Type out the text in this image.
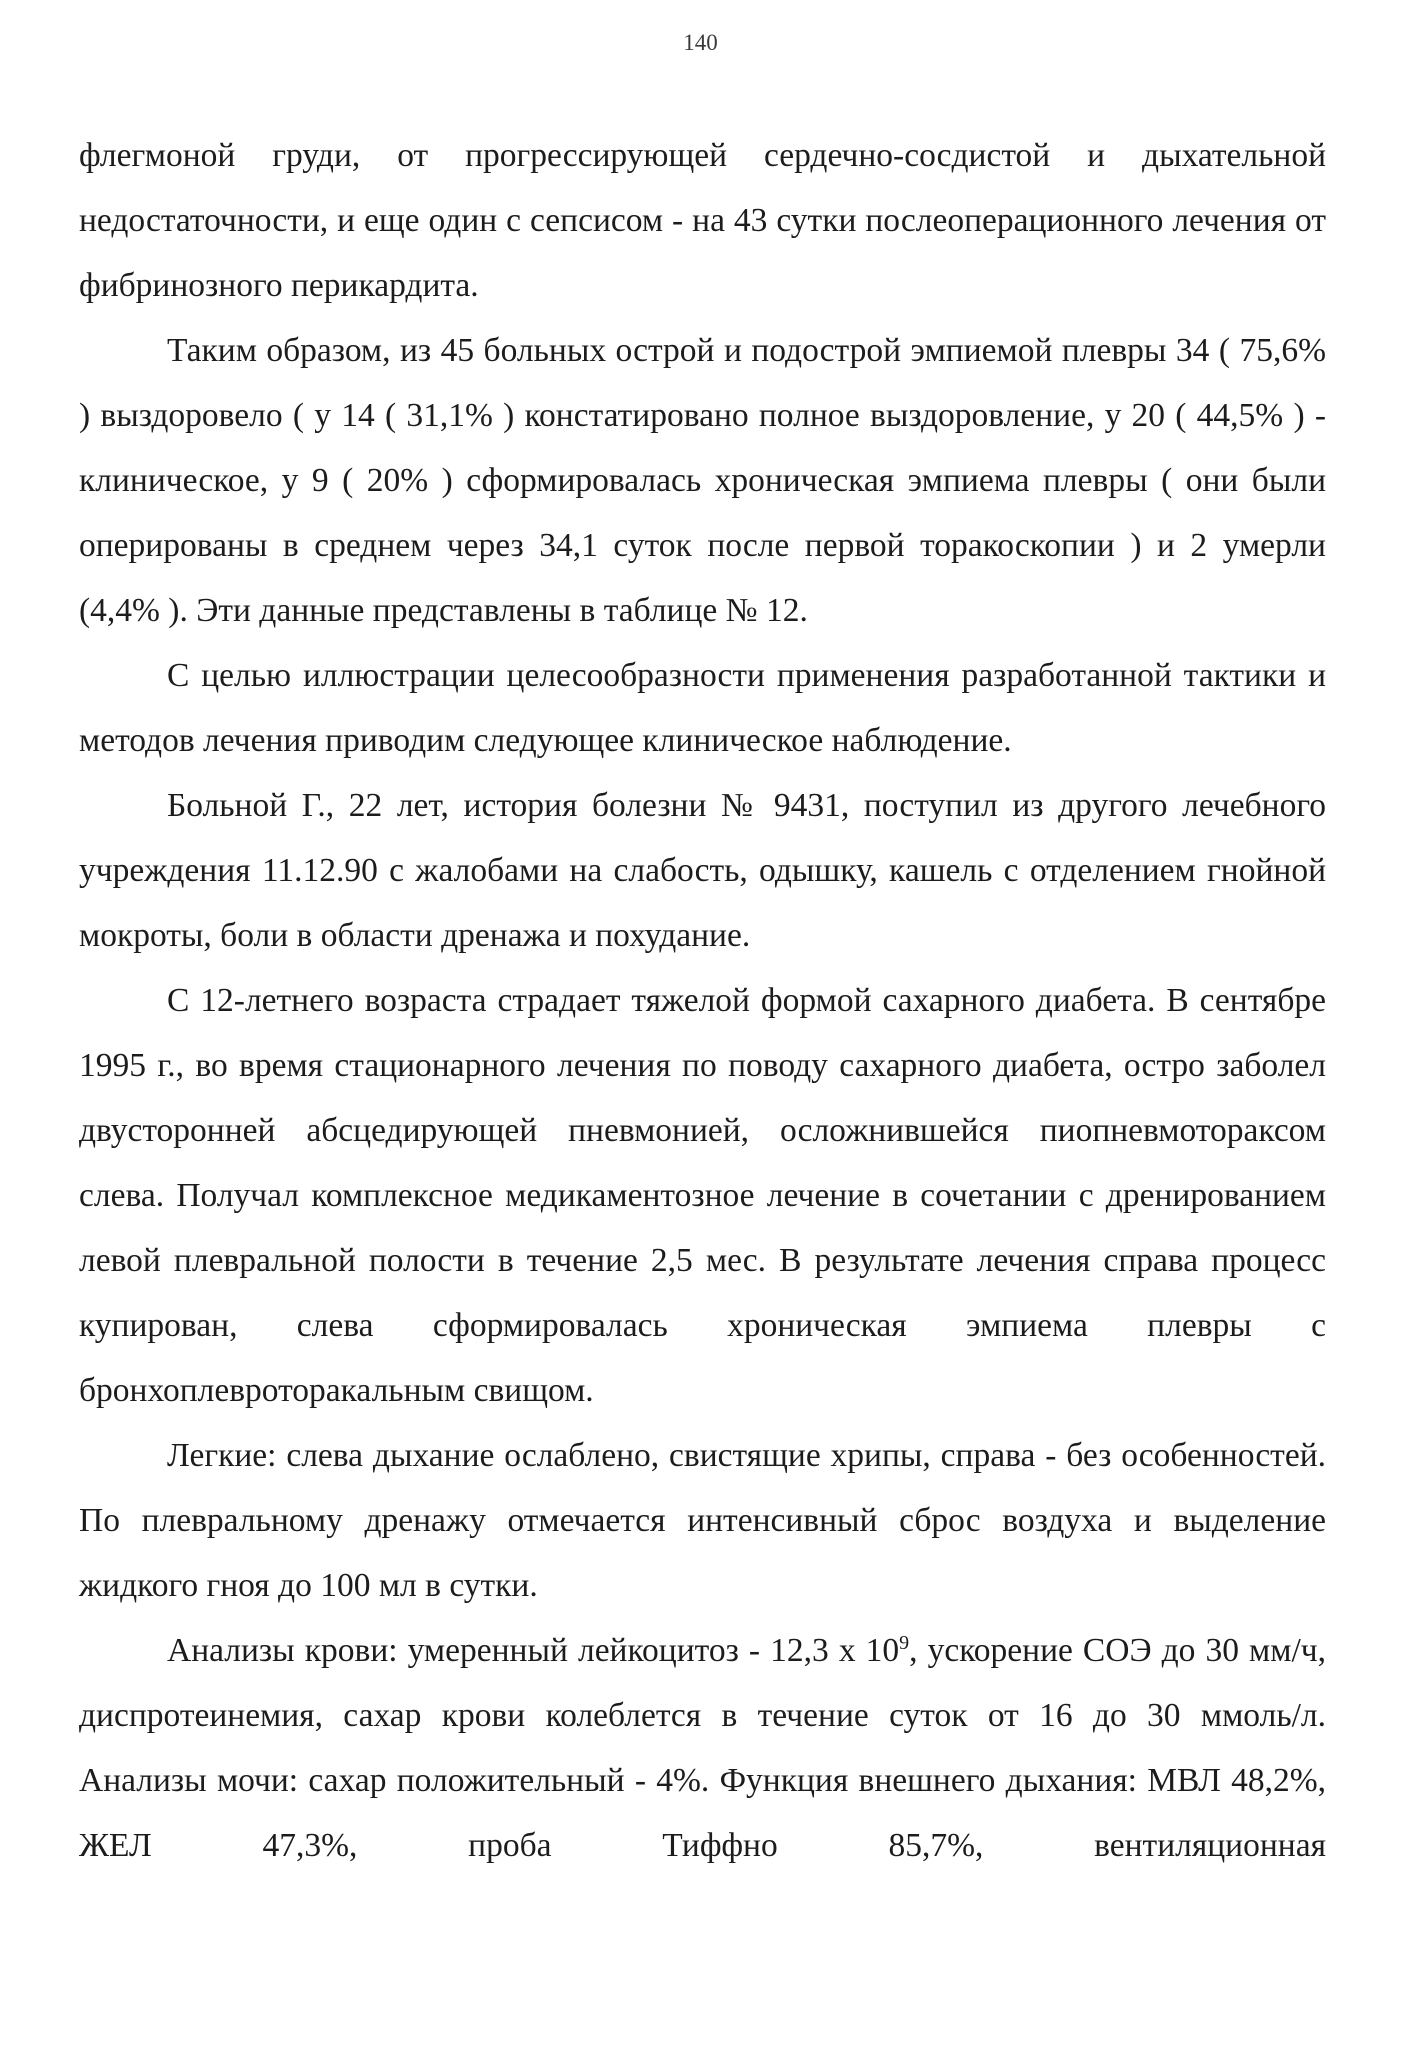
140

флегмоной груди, от прогрессирующей сердечно-сосдистой и дыхательной недостаточности, и еще один с сепсисом - на 43 сутки послеоперационного лечения от фибринозного перикардита.

Таким образом, из 45 больных острой и подострой эмпиемой плевры 34 ( 75,6% ) выздоровело ( у 14 ( 31,1% ) констатировано полное выздоровление, у 20 ( 44,5% ) - клиническое, у 9 ( 20% ) сформировалась хроническая эмпиема плевры ( они были оперированы в среднем через 34,1 суток после первой торакоскопии ) и 2 умерли (4,4% ). Эти данные представлены в таблице № 12.

С целью иллюстрации целесообразности применения разработанной тактики и методов лечения приводим следующее клиническое наблюдение.

Больной Г., 22 лет, история болезни № 9431, поступил из другого лечебного учреждения 11.12.90 с жалобами на слабость, одышку, кашель с отделением гнойной мокроты, боли в области дренажа и похудание.

С 12-летнего возраста страдает тяжелой формой сахарного диабета. В сентябре 1995 г., во время стационарного лечения по поводу сахарного диабета, остро заболел двусторонней абсцедирующей пневмонией, осложнившейся пиопневмотораксом слева. Получал комплексное медикаментозное лечение в сочетании с дренированием левой плевральной полости в течение 2,5 мес. В результате лечения справа процесс купирован, слева сформировалась хроническая эмпиема плевры с бронхоплевроторакальным свищом.

Легкие: слева дыхание ослаблено, свистящие хрипы, справа - без особенностей. По плевральному дренажу отмечается интенсивный сброс воздуха и выделение жидкого гноя до 100 мл в сутки.

Анализы крови: умеренный лейкоцитоз - 12,3 х $10^9$, ускорение СОЭ до 30 мм/ч, диспротеинемия, сахар крови колеблется в течение суток от 16 до 30 ммоль/л. Анализы мочи: сахар положительный - 4%. Функция внешнего дыхания: МВЛ 48,2%, ЖЕЛ 47,3%, проба Тиффно 85,7%, вентиляционная
